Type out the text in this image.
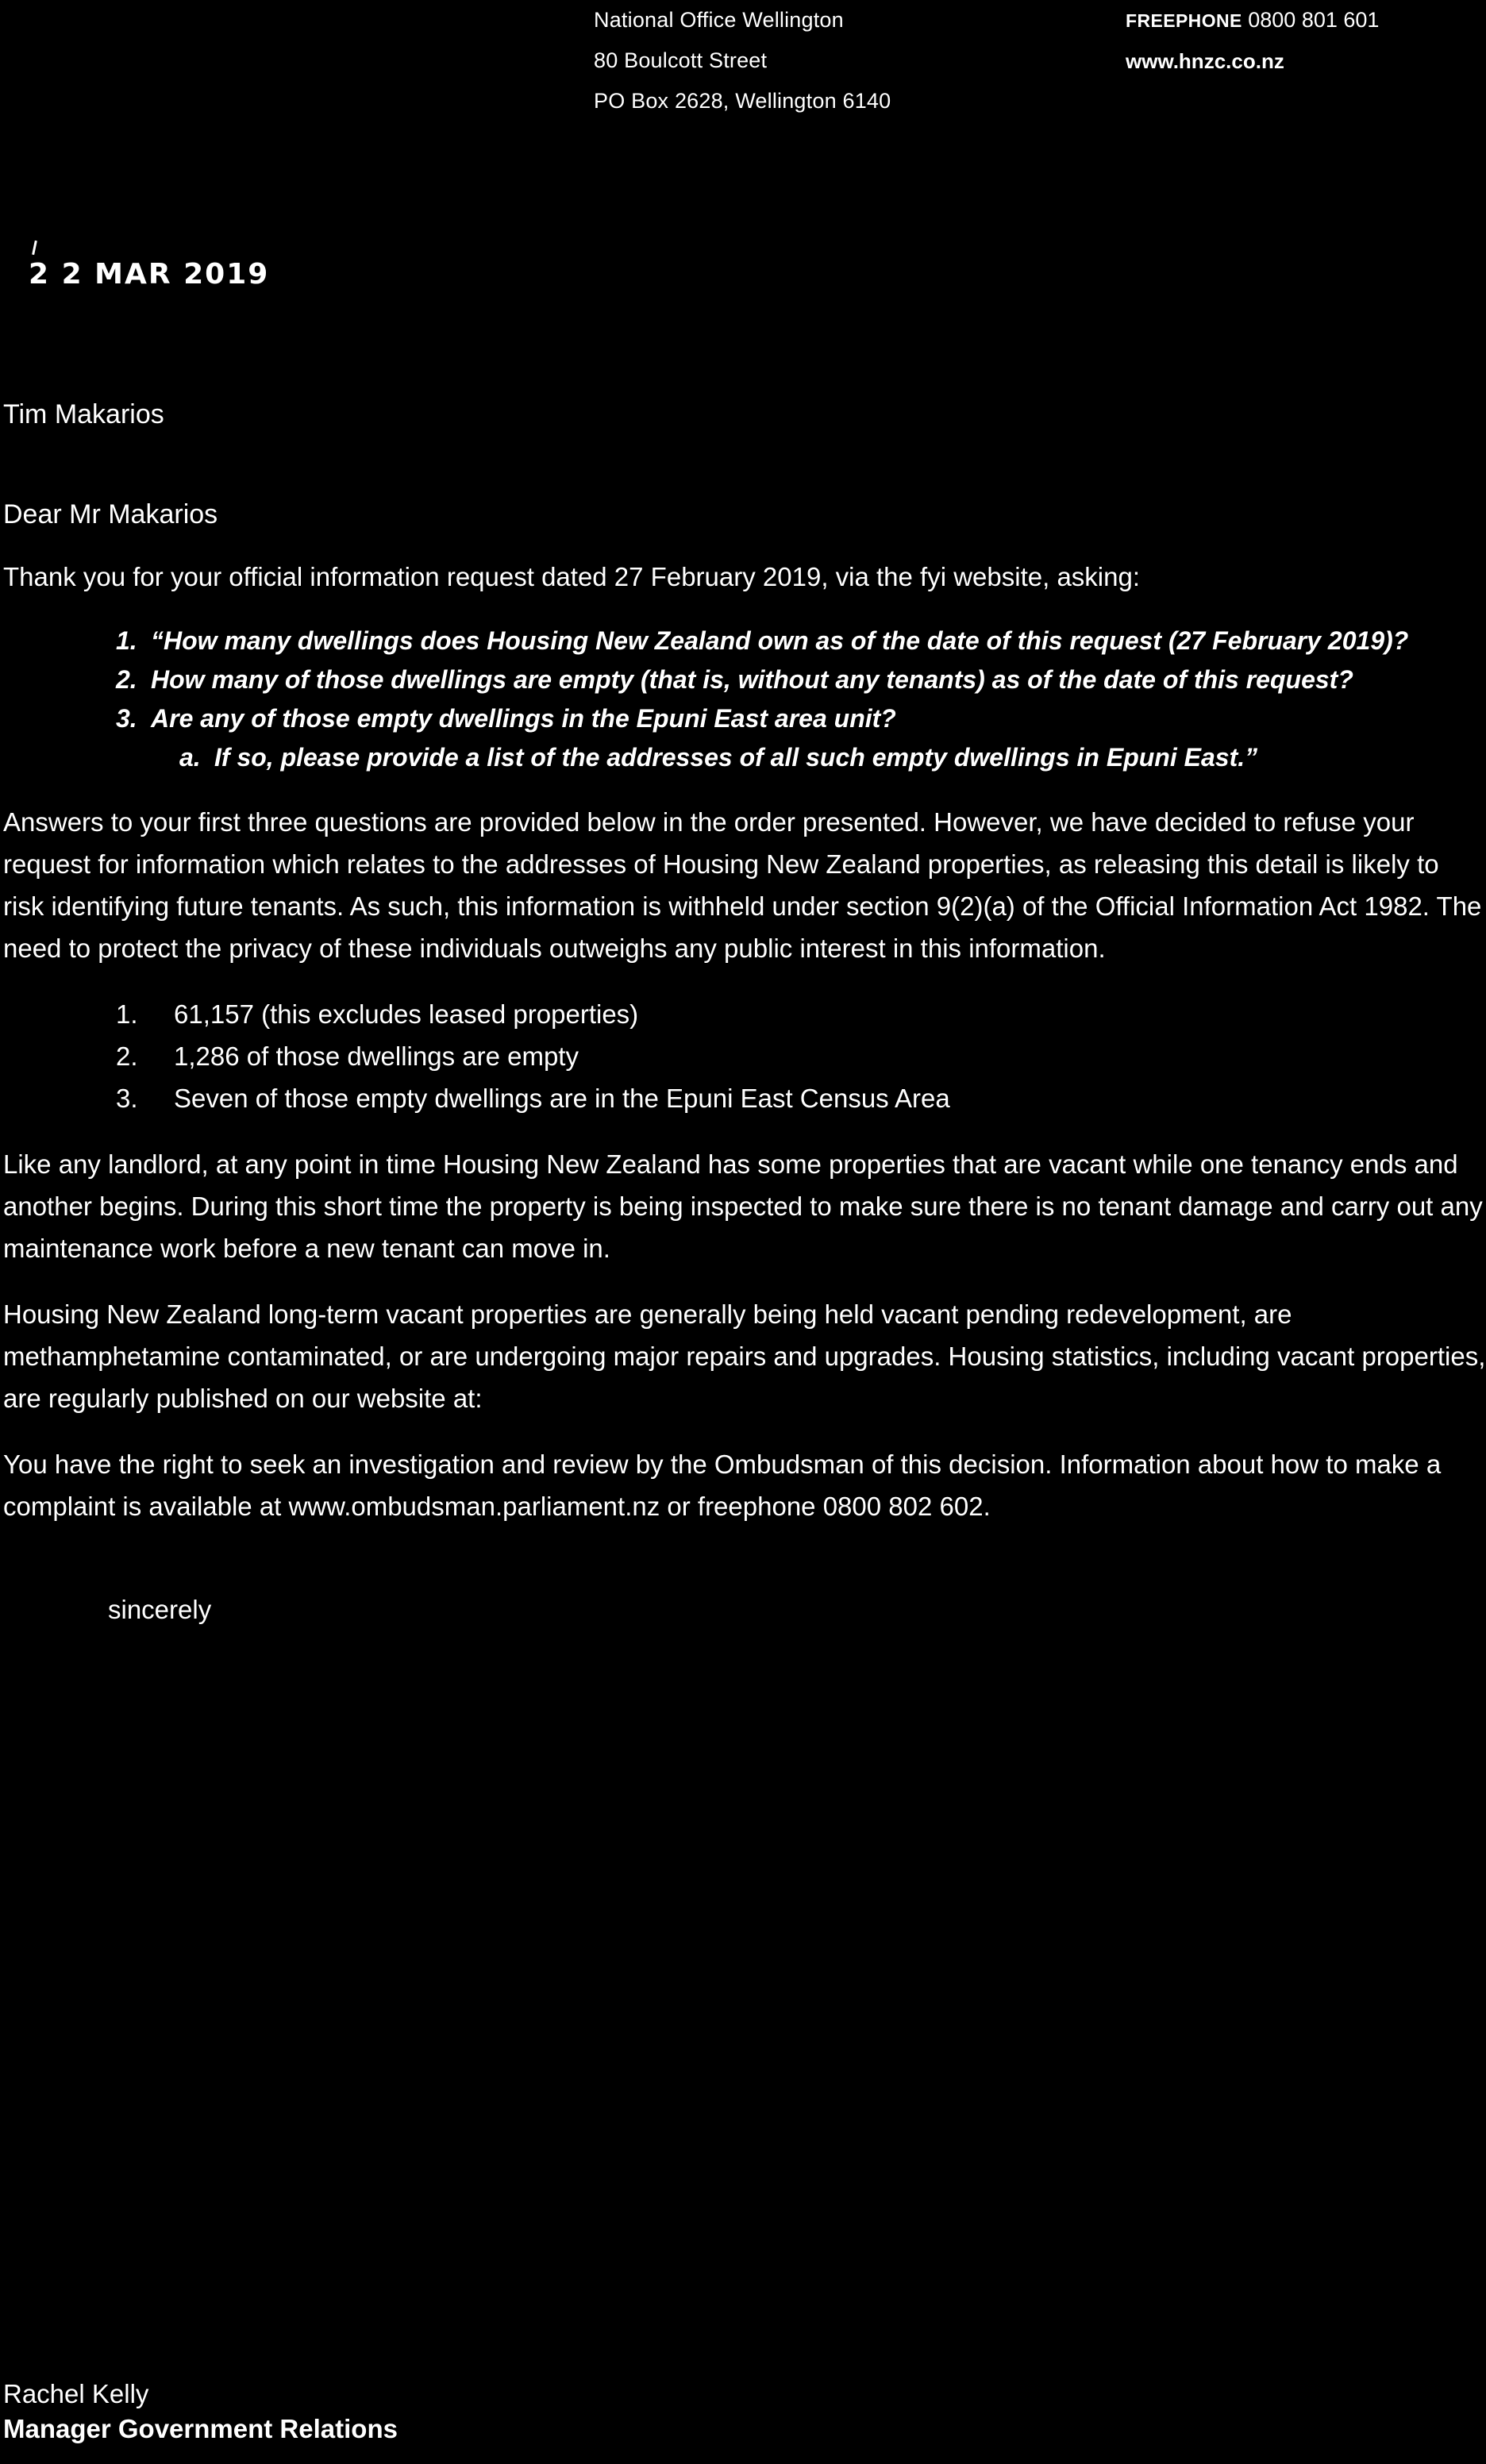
National Office Wellington
80 Boulcott Street
PO Box 2628, Wellington 6140
FREEPHONE 0800 801 601
www.hnzc.co.nz
2 2 MAR 2019
Tim Makarios
Dear Mr Makarios

Thank you for your official information request dated 27 February 2019, via the fyi website, asking:

1. “How many dwellings does Housing New Zealand own as of the date of this request (27 February 2019)?
2. How many of those dwellings are empty (that is, without any tenants) as of the date of this request?
3. Are any of those empty dwellings in the Epuni East area unit?
a. If so, please provide a list of the addresses of all such empty dwellings in Epuni East.”

Answers to your first three questions are provided below in the order presented. However, we have decided to refuse your request for information which relates to the addresses of Housing New Zealand properties, as releasing this detail is likely to risk identifying future tenants. As such, this information is withheld under section 9(2)(a) of the Official Information Act 1982. The need to protect the privacy of these individuals outweighs any public interest in this information.

1.	61,157 (this excludes leased properties)
2.	1,286 of those dwellings are empty
3.	Seven of those empty dwellings are in the Epuni East Census Area

Like any landlord, at any point in time Housing New Zealand has some properties that are vacant while one tenancy ends and another begins. During this short time the property is being inspected to make sure there is no tenant damage and carry out any maintenance work before a new tenant can move in.

Housing New Zealand long-term vacant properties are generally being held vacant pending redevelopment, are methamphetamine contaminated, or are undergoing major repairs and upgrades. Housing statistics, including vacant properties, are regularly published on our website at:

You have the right to seek an investigation and review by the Ombudsman of this decision. Information about how to make a complaint is available at www.ombudsman.parliament.nz or freephone 0800 802 602.

sincerely
Rachel Kelly
Manager Government Relations
